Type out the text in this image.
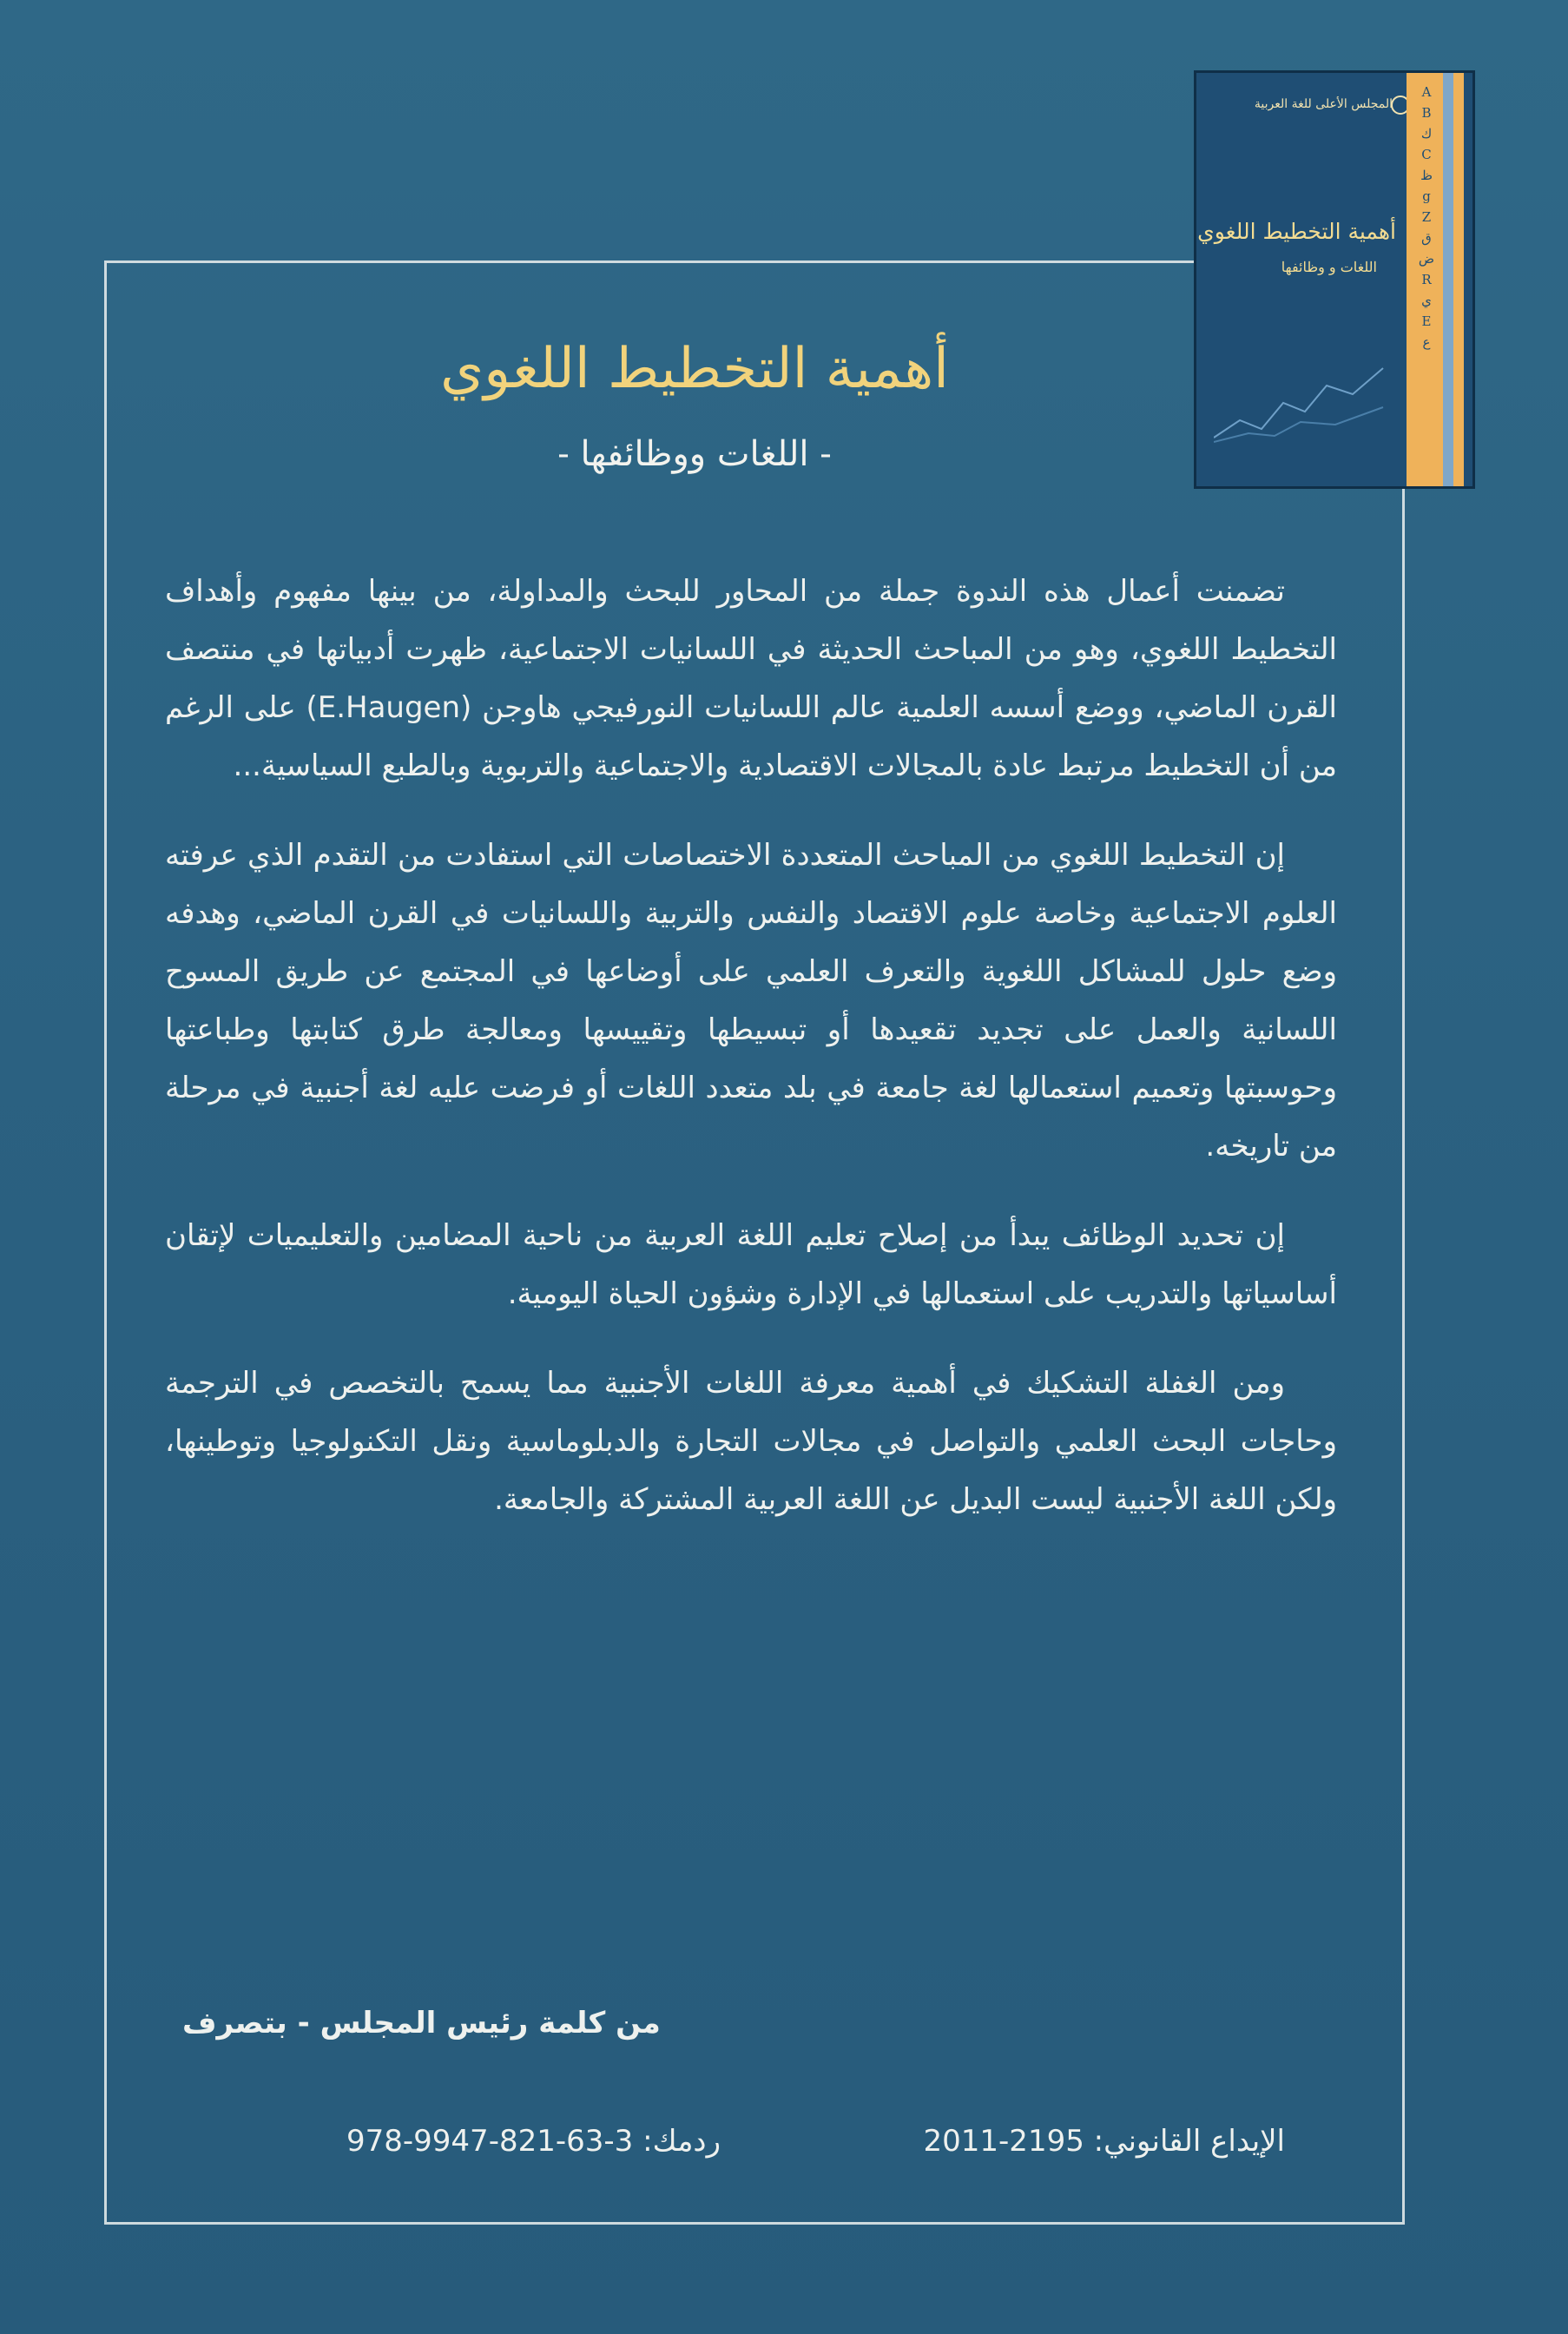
المجلس الأعلى للغة العربية
أهمية التخطيط اللغوي
اللغات و وظائفها
A
B
ك
C
ظ
g
Z
ق
ض
R
ي
E
ع
أهمية التخطيط اللغوي
- اللغات ووظائفها -

تضمنت أعمال هذه الندوة جملة من المحاور للبحث والمداولة، من بينها مفهوم وأهداف التخطيط اللغوي، وهو من المباحث الحديثة في اللسانيات الاجتماعية، ظهرت أدبياتها في منتصف القرن الماضي، ووضع أسسه العلمية عالم اللسانيات النورفيجي هاوجن (E.Haugen) على الرغم من أن التخطيط مرتبط عادة بالمجالات الاقتصادية والاجتماعية والتربوية وبالطبع السياسية...

إن التخطيط اللغوي من المباحث المتعددة الاختصاصات التي استفادت من التقدم الذي عرفته العلوم الاجتماعية وخاصة علوم الاقتصاد والنفس والتربية واللسانيات في القرن الماضي، وهدفه وضع حلول للمشاكل اللغوية والتعرف العلمي على أوضاعها في المجتمع عن طريق المسوح اللسانية والعمل على تجديد تقعيدها أو تبسيطها وتقييسها ومعالجة طرق كتابتها وطباعتها وحوسبتها وتعميم استعمالها لغة جامعة في بلد متعدد اللغات أو فرضت عليه لغة أجنبية في مرحلة من تاريخه.

إن تحديد الوظائف يبدأ من إصلاح تعليم اللغة العربية من ناحية المضامين والتعليميات لإتقان أساسياتها والتدريب على استعمالها في الإدارة وشؤون الحياة اليومية.

ومن الغفلة التشكيك في أهمية معرفة اللغات الأجنبية مما يسمح بالتخصص في الترجمة وحاجات البحث العلمي والتواصل في مجالات التجارة والدبلوماسية ونقل التكنولوجيا وتوطينها، ولكن اللغة الأجنبية ليست البديل عن اللغة العربية المشتركة والجامعة.

من كلمة رئيس المجلس - بتصرف
الإيداع القانوني: 2011-2195
ردمك: 978-9947-821-63-3
